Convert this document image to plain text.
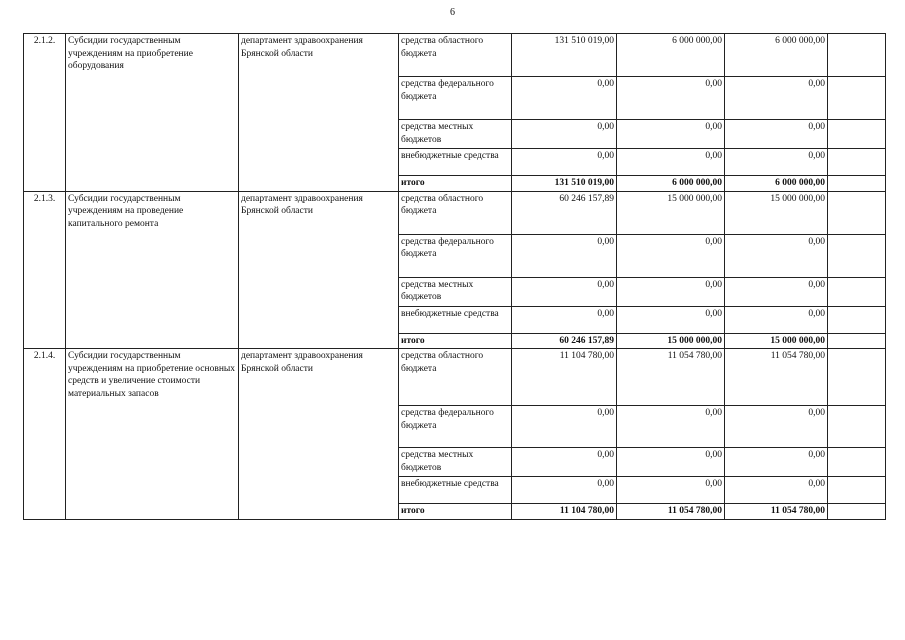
6
2.1.2.	Субсидии государственным учреждениям на приобретение оборудования	департамент здравоохранения Брянской области	средства областного бюджета	131 510 019,00	6 000 000,00	6 000 000,00	
			средства федерального бюджета	0,00	0,00	0,00	
			средства местных бюджетов	0,00	0,00	0,00	
			внебюджетные средства	0,00	0,00	0,00	
			итого	131 510 019,00	6 000 000,00	6 000 000,00	
2.1.3.	Субсидии государственным учреждениям на проведение капитального ремонта	департамент здравоохранения Брянской области	средства областного бюджета	60 246 157,89	15 000 000,00	15 000 000,00	
			средства федерального бюджета	0,00	0,00	0,00	
			средства местных бюджетов	0,00	0,00	0,00	
			внебюджетные средства	0,00	0,00	0,00	
			итого	60 246 157,89	15 000 000,00	15 000 000,00	
2.1.4.	Субсидии государственным учреждениям на приобретение основных средств и увеличение стоимости материальных запасов	департамент здравоохранения Брянской области	средства областного бюджета	11 104 780,00	11 054 780,00	11 054 780,00	
			средства федерального бюджета	0,00	0,00	0,00	
			средства местных бюджетов	0,00	0,00	0,00	
			внебюджетные средства	0,00	0,00	0,00	
			итого	11 104 780,00	11 054 780,00	11 054 780,00	
